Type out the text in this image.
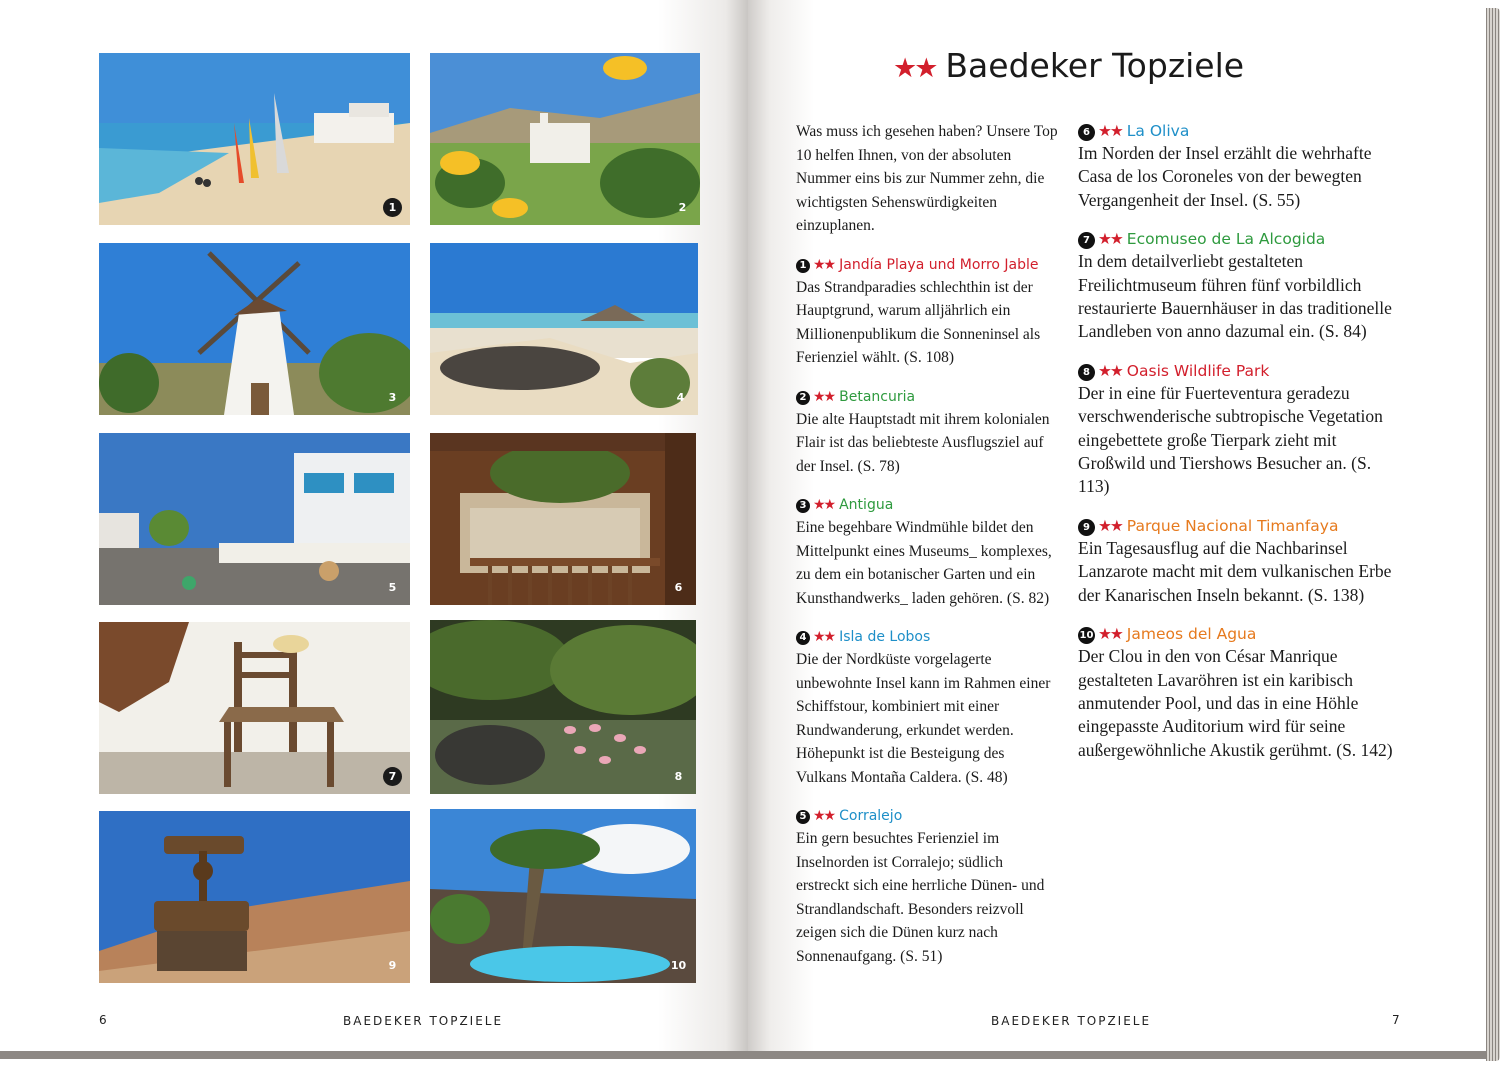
1	2
3	4
5	6
7	8
9	10
6	BAEDEKER TOPZIELE
★★ Baedeker Topziele

Was muss ich gesehen haben? Unsere Top 10 helfen Ihnen, von der absoluten Nummer eins bis zur Nummer zehn, die wichtigsten Sehenswürdigkeiten einzuplanen.

1 ★★ Jandía Playa und Morro Jable
Das Strandparadies schlechthin ist der Hauptgrund, warum alljährlich ein Millionenpublikum die Sonneninsel als Ferienziel wählt. (S. 108)
2 ★★ Betancuria
Die alte Hauptstadt mit ihrem kolonialen Flair ist das beliebteste Ausflugsziel auf der Insel. (S. 78)
3 ★★ Antigua
Eine begehbare Windmühle bildet den Mittelpunkt eines Museums_ komplexes, zu dem ein botanischer Garten und ein Kunsthandwerks_ laden gehören. (S. 82)
4 ★★ Isla de Lobos
Die der Nordküste vorgelagerte unbewohnte Insel kann im Rahmen einer Schiffstour, kombiniert mit einer Rundwanderung, erkundet werden. Höhepunkt ist die Besteigung des Vulkans Montaña Caldera. (S. 48)
5 ★★ Corralejo
Ein gern besuchtes Ferienziel im Inselnorden ist Corralejo; südlich erstreckt sich eine herrliche Dünen- und Strandlandschaft. Besonders reizvoll zeigen sich die Dünen kurz nach Sonnenaufgang. (S. 51)
6 ★★ La Oliva
Im Norden der Insel erzählt die wehrhafte Casa de los Coroneles von der bewegten Vergangenheit der Insel. (S. 55)
7 ★★ Ecomuseo de La Alcogida
In dem detailverliebt gestalteten Freilichtmuseum führen fünf vorbildlich restaurierte Bauernhäuser in das traditionelle Landleben von anno dazumal ein. (S. 84)
8 ★★ Oasis Wildlife Park
Der in eine für Fuerteventura geradezu verschwenderische subtropische Vegetation eingebettete große Tierpark zieht mit Großwild und Tiershows Besucher an. (S. 113)
9 ★★ Parque Nacional Timanfaya
Ein Tagesausflug auf die Nachbarinsel Lanzarote macht mit dem vulkanischen Erbe der Kanarischen Inseln bekannt. (S. 138)
10 ★★ Jameos del Agua
Der Clou in den von César Manrique gestalteten Lavaröhren ist ein karibisch anmutender Pool, und das in eine Höhle eingepasste Auditorium wird für seine außergewöhnliche Akustik gerühmt. (S. 142)
BAEDEKER TOPZIELE	7
